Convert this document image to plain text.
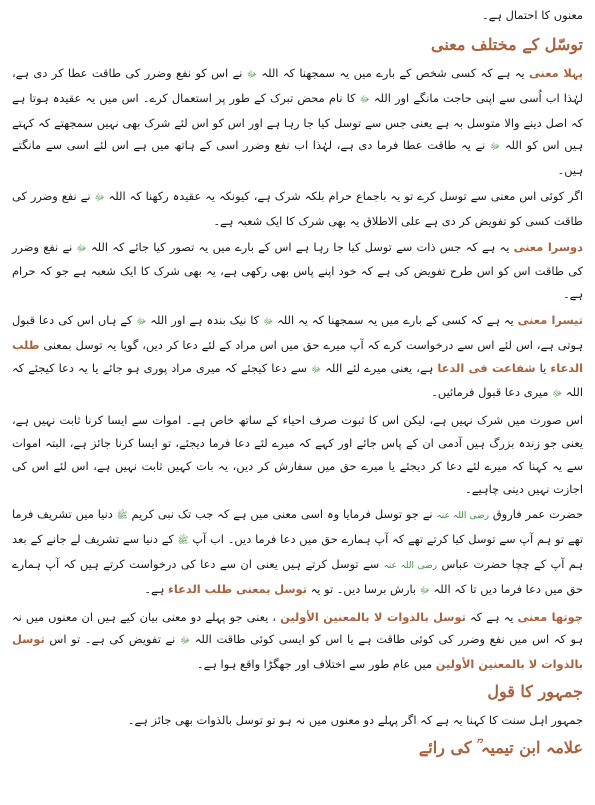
معنوں کا احتمال ہے۔

توسّل کے مختلف معنی

پہلا معنی یہ ہے کہ کسی شخص کے بارے میں یہ سمجھنا کہ اللہ ﷻ نے اس کو نفع وضرر کی طاقت عطا کر دی ہے، لہٰذا اب اُسی سے اپنی حاجت مانگے اور اللہ ﷻ کا نام محض تبرک کے طور پر استعمال کرے۔ اس میں یہ عقیدہ ہوتا ہے کہ اصل دینے والا متوسل بہ ہے یعنی جس سے توسل کیا جا رہا ہے اور اس کو اس لئے شرک بھی نہیں سمجھتے کہ کہتے ہیں اس کو اللہ ﷻ نے یہ طاقت عطا فرما دی ہے، لہٰذا اب نفع وضرر اسی کے ہاتھ میں ہے اس لئے اسی سے مانگتے ہیں۔

اگر کوئی اس معنی سے توسل کرے تو یہ باجماع حرام بلکہ شرک ہے، کیونکہ یہ عقیدہ رکھنا کہ اللہ ﷻ نے نفع وضرر کی طاقت کسی کو تفویض کر دی ہے علی الاطلاق یہ بھی شرک کا ایک شعبہ ہے۔

دوسرا معنی یہ ہے کہ جس ذات سے توسل کیا جا رہا ہے اس کے بارے میں یہ تصور کیا جائے کہ اللہ ﷻ نے نفع وضرر کی طاقت اس کو اس طرح تفویض کی ہے کہ خود اپنے پاس بھی رکھی ہے، یہ بھی شرک کا ایک شعبہ ہے جو کہ حرام ہے۔

تیسرا معنی یہ ہے کہ کسی کے بارے میں یہ سمجھنا کہ یہ اللہ ﷻ کا نیک بندہ ہے اور اللہ ﷻ کے ہاں اس کی دعا قبول ہوتی ہے، اس لئے اس سے درخواست کرے کہ آپ میرے حق میں اس مراد کے لئے دعا کر دیں، گویا یہ توسل بمعنی طلب الدعاء یا شفاعت فی الدعا ہے، یعنی میرے لئے اللہ ﷻ سے دعا کیجئے کہ میری مراد پوری ہو جائے یا یہ دعا کیجئے کہ اللہ ﷻ میری دعا قبول فرمائیں۔

اس صورت میں شرک نہیں ہے، لیکن اس کا ثبوت صرف احیاء کے ساتھ خاص ہے۔ اموات سے ایسا کرنا ثابت نہیں ہے، یعنی جو زندہ بزرگ ہیں آدمی ان کے پاس جائے اور کہے کہ میرے لئے دعا فرما دیجئے، تو ایسا کرنا جائز ہے، البتہ اموات سے یہ کہنا کہ میرے لئے دعا کر دیجئے یا میرے حق میں سفارش کر دیں، یہ بات کہیں ثابت نہیں ہے، اس لئے اس کی اجازت نہیں دینی چاہیے۔

حضرت عمر فاروق رضی اللہ عنہ نے جو توسل فرمایا وہ اسی معنی میں ہے کہ جب تک نبی کریم ﷺ دنیا میں تشریف فرما تھے تو ہم آپ سے توسل کیا کرتے تھے کہ آپ ہمارے حق میں دعا فرما دیں۔ اب آپ ﷺ کے دنیا سے تشریف لے جانے کے بعد ہم آپ کے چچا حضرت عباس رضی اللہ عنہ سے توسل کرتے ہیں یعنی ان سے دعا کی درخواست کرتے ہیں کہ آپ ہمارے حق میں دعا فرما دیں تا کہ اللہ ﷻ بارش برسا دیں۔ تو یہ توسل بمعنی طلب الدعاء ہے۔

چوتھا معنی یہ ہے کہ توسل بالذوات لا بالمعنین الأولین ، یعنی جو پہلے دو معنی بیان کیے ہیں ان معنوں میں نہ ہو کہ اس میں نفع وضرر کی کوئی طاقت ہے یا اس کو ایسی کوئی طاقت اللہ ﷻ نے تفویض کی ہے۔ تو اس توسل بالذوات لا بالمعنین الأولین میں عام طور سے اختلاف اور جھگڑا واقع ہوا ہے۔

جمہور کا قول

جمہور اہل سنت کا کہنا یہ ہے کہ اگر پہلے دو معنوں میں نہ ہو تو توسل بالذوات بھی جائز ہے۔

علامہ ابن تیمیہ ؒ کی رائے
